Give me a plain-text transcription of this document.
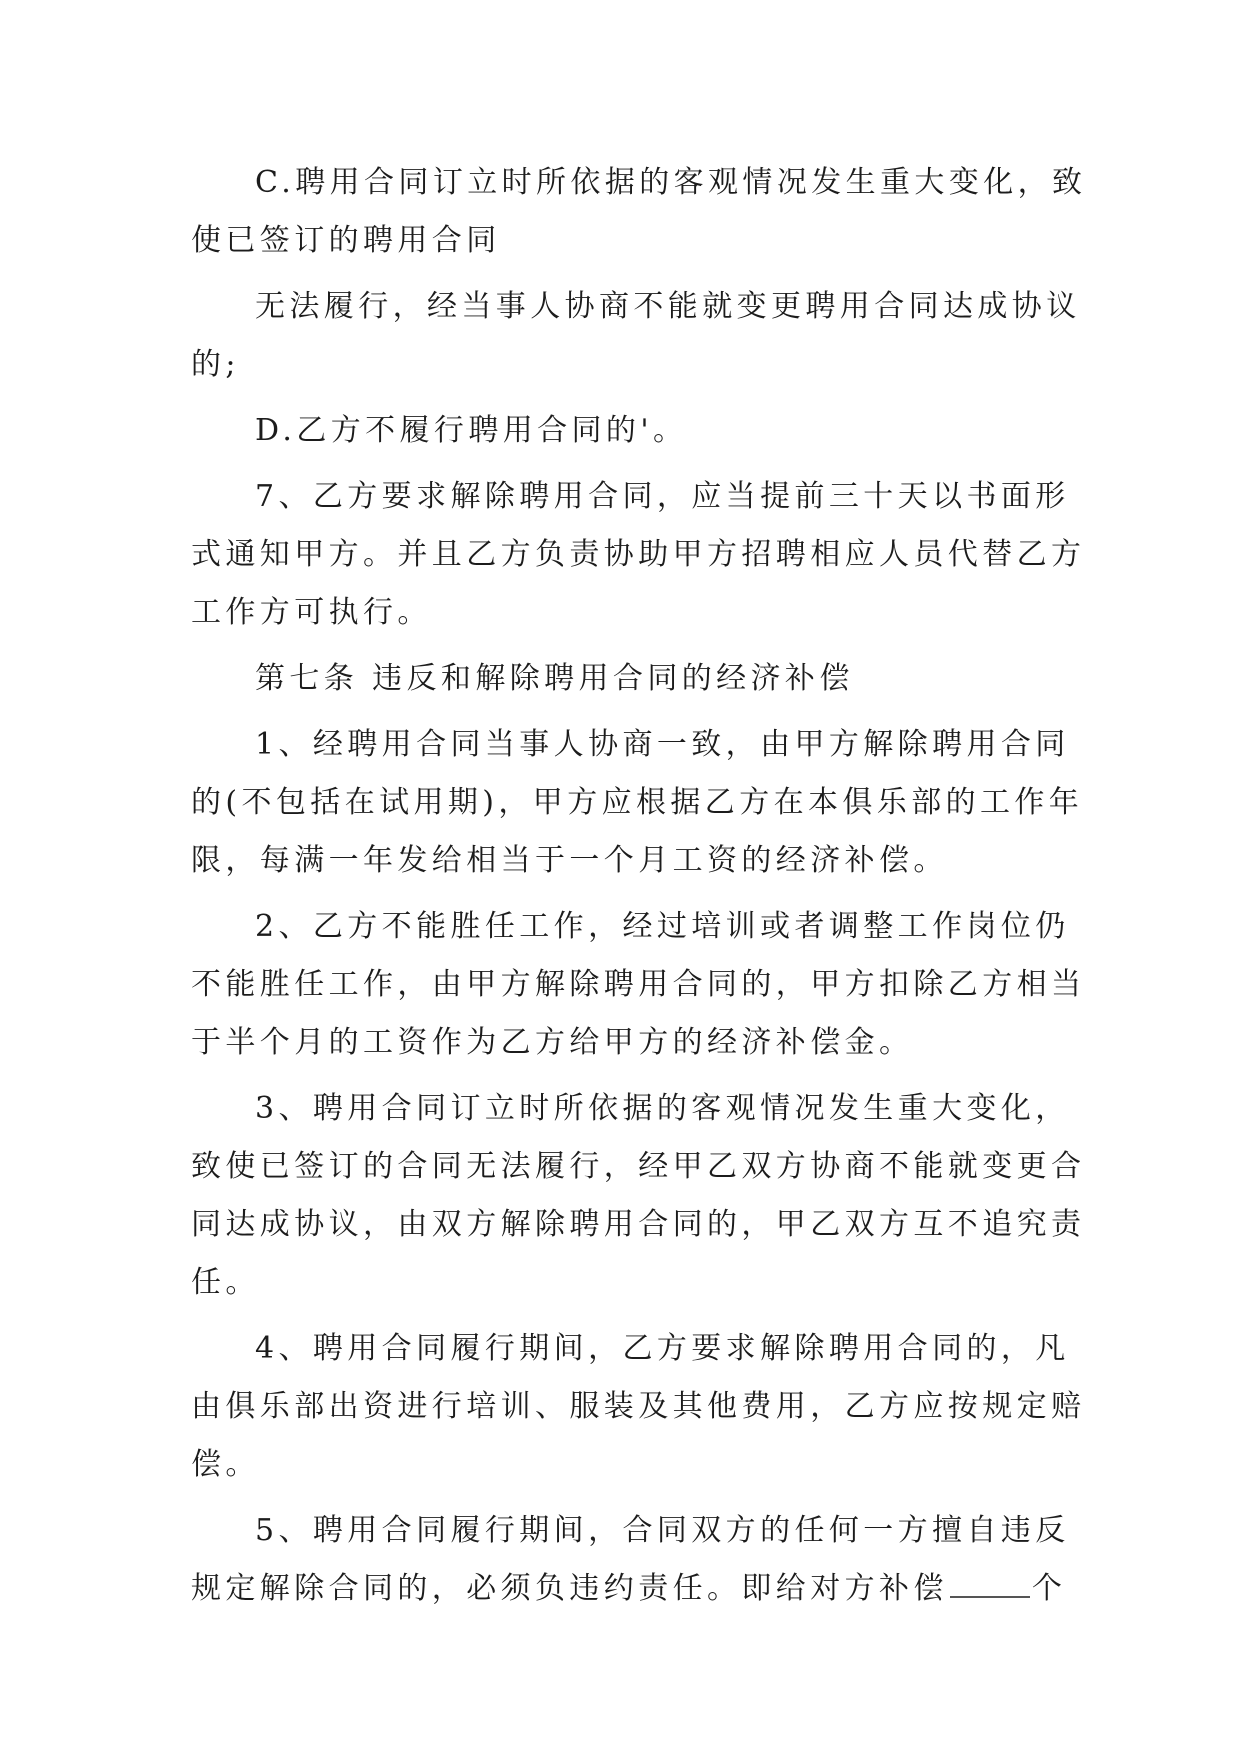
C.聘用合同订立时所依据的客观情况发生重大变化，致
使已签订的聘用合同

无法履行，经当事人协商不能就变更聘用合同达成协议
的;

D.乙方不履行聘用合同的'。

7、乙方要求解除聘用合同，应当提前三十天以书面形
式通知甲方。并且乙方负责协助甲方招聘相应人员代替乙方
工作方可执行。

第七条 违反和解除聘用合同的经济补偿

1、经聘用合同当事人协商一致，由甲方解除聘用合同
的(不包括在试用期)，甲方应根据乙方在本俱乐部的工作年
限，每满一年发给相当于一个月工资的经济补偿。

2、乙方不能胜任工作，经过培训或者调整工作岗位仍
不能胜任工作，由甲方解除聘用合同的，甲方扣除乙方相当
于半个月的工资作为乙方给甲方的经济补偿金。

3、聘用合同订立时所依据的客观情况发生重大变化，
致使已签订的合同无法履行，经甲乙双方协商不能就变更合
同达成协议，由双方解除聘用合同的，甲乙双方互不追究责
任。

4、聘用合同履行期间，乙方要求解除聘用合同的，凡
由俱乐部出资进行培训、服装及其他费用，乙方应按规定赔
偿。

5、聘用合同履行期间，合同双方的任何一方擅自违反
规定解除合同的，必须负违约责任。即给对方补偿	个
